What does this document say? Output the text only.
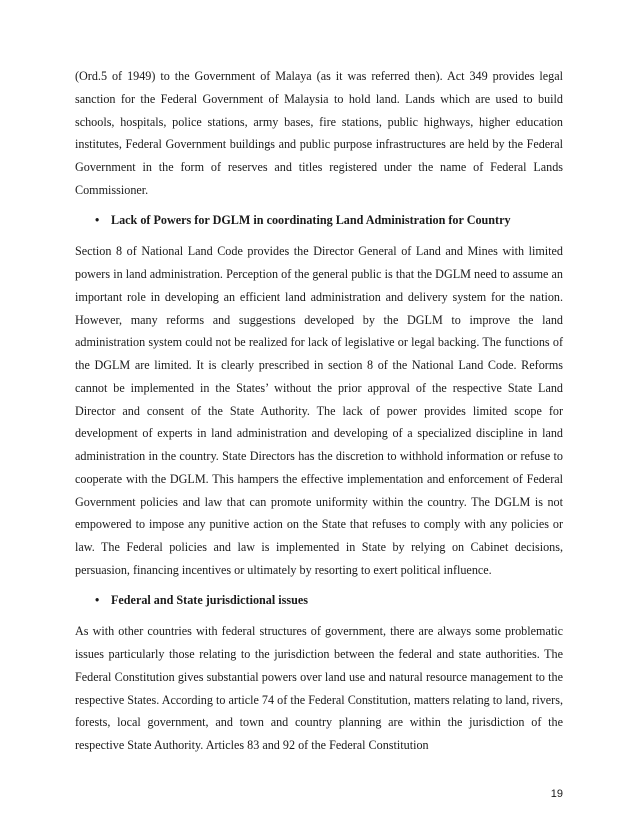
(Ord.5 of 1949) to the Government of Malaya (as it was referred then). Act 349 provides legal sanction for the Federal Government of Malaysia to hold land. Lands which are used to build schools, hospitals, police stations, army bases, fire stations, public highways, higher education institutes, Federal Government buildings and public purpose infrastructures are held by the Federal Government in the form of reserves and titles registered under the name of Federal Lands Commissioner.

• Lack of Powers for DGLM in coordinating Land Administration for Country

Section 8 of National Land Code provides the Director General of Land and Mines with limited powers in land administration. Perception of the general public is that the DGLM need to assume an important role in developing an efficient land administration and delivery system for the nation. However, many reforms and suggestions developed by the DGLM to improve the land administration system could not be realized for lack of legislative or legal backing. The functions of the DGLM are limited. It is clearly prescribed in section 8 of the National Land Code. Reforms cannot be implemented in the States’ without the prior approval of the respective State Land Director and consent of the State Authority. The lack of power provides limited scope for development of experts in land administration and developing of a specialized discipline in land administration in the country. State Directors has the discretion to withhold information or refuse to cooperate with the DGLM. This hampers the effective implementation and enforcement of Federal Government policies and law that can promote uniformity within the country. The DGLM is not empowered to impose any punitive action on the State that refuses to comply with any policies or law. The Federal policies and law is implemented in State by relying on Cabinet decisions, persuasion, financing incentives or ultimately by resorting to exert political influence.

• Federal and State jurisdictional issues

As with other countries with federal structures of government, there are always some problematic issues particularly those relating to the jurisdiction between the federal and state authorities. The Federal Constitution gives substantial powers over land use and natural resource management to the respective States. According to article 74 of the Federal Constitution, matters relating to land, rivers, forests, local government, and town and country planning are within the jurisdiction of the respective State Authority. Articles 83 and 92 of the Federal Constitution

19
